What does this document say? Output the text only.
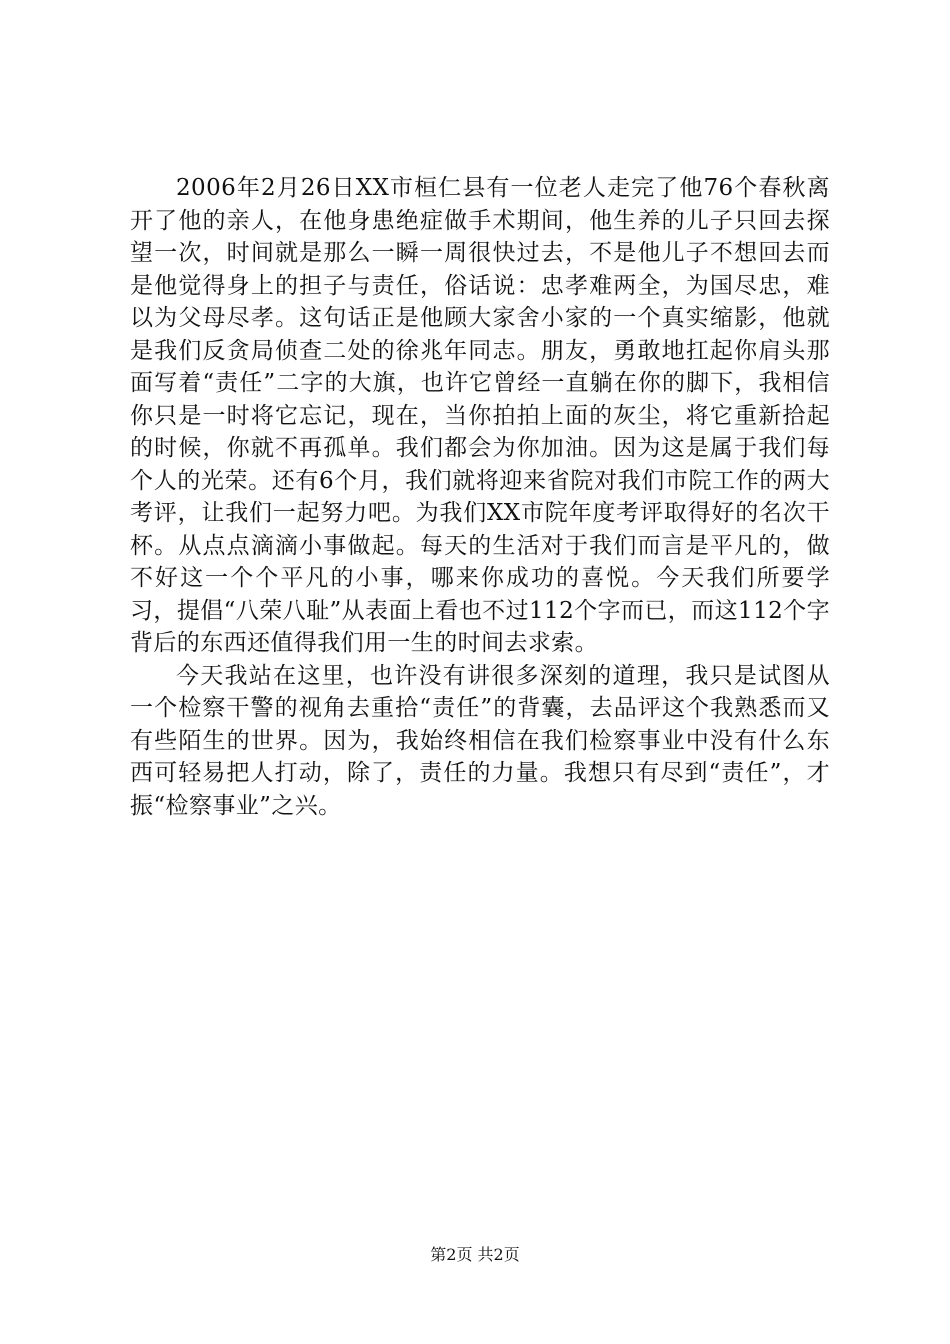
2006年2月26日XX市桓仁县有一位老人走完了他76个春秋离开了他的亲人，在他身患绝症做手术期间，他生养的儿子只回去探望一次，时间就是那么一瞬一周很快过去，不是他儿子不想回去而是他觉得身上的担子与责任，俗话说：忠孝难两全，为国尽忠，难以为父母尽孝。这句话正是他顾大家舍小家的一个真实缩影，他就是我们反贪局侦查二处的徐兆年同志。朋友，勇敢地扛起你肩头那面写着“责任”二字的大旗，也许它曾经一直躺在你的脚下，我相信你只是一时将它忘记，现在，当你拍拍上面的灰尘，将它重新拾起的时候，你就不再孤单。我们都会为你加油。因为这是属于我们每个人的光荣。还有6个月，我们就将迎来省院对我们市院工作的两大考评，让我们一起努力吧。为我们XX市院年度考评取得好的名次干杯。从点点滴滴小事做起。每天的生活对于我们而言是平凡的，做不好这一个个平凡的小事，哪来你成功的喜悦。今天我们所要学习，提倡“八荣八耻”从表面上看也不过112个字而已，而这112个字背后的东西还值得我们用一生的时间去求索。

今天我站在这里，也许没有讲很多深刻的道理，我只是试图从一个检察干警的视角去重拾“责任”的背囊，去品评这个我熟悉而又有些陌生的世界。因为，我始终相信在我们检察事业中没有什么东西可轻易把人打动，除了，责任的力量。我想只有尽到“责任”，才振“检察事业”之兴。

第2页 共2页
